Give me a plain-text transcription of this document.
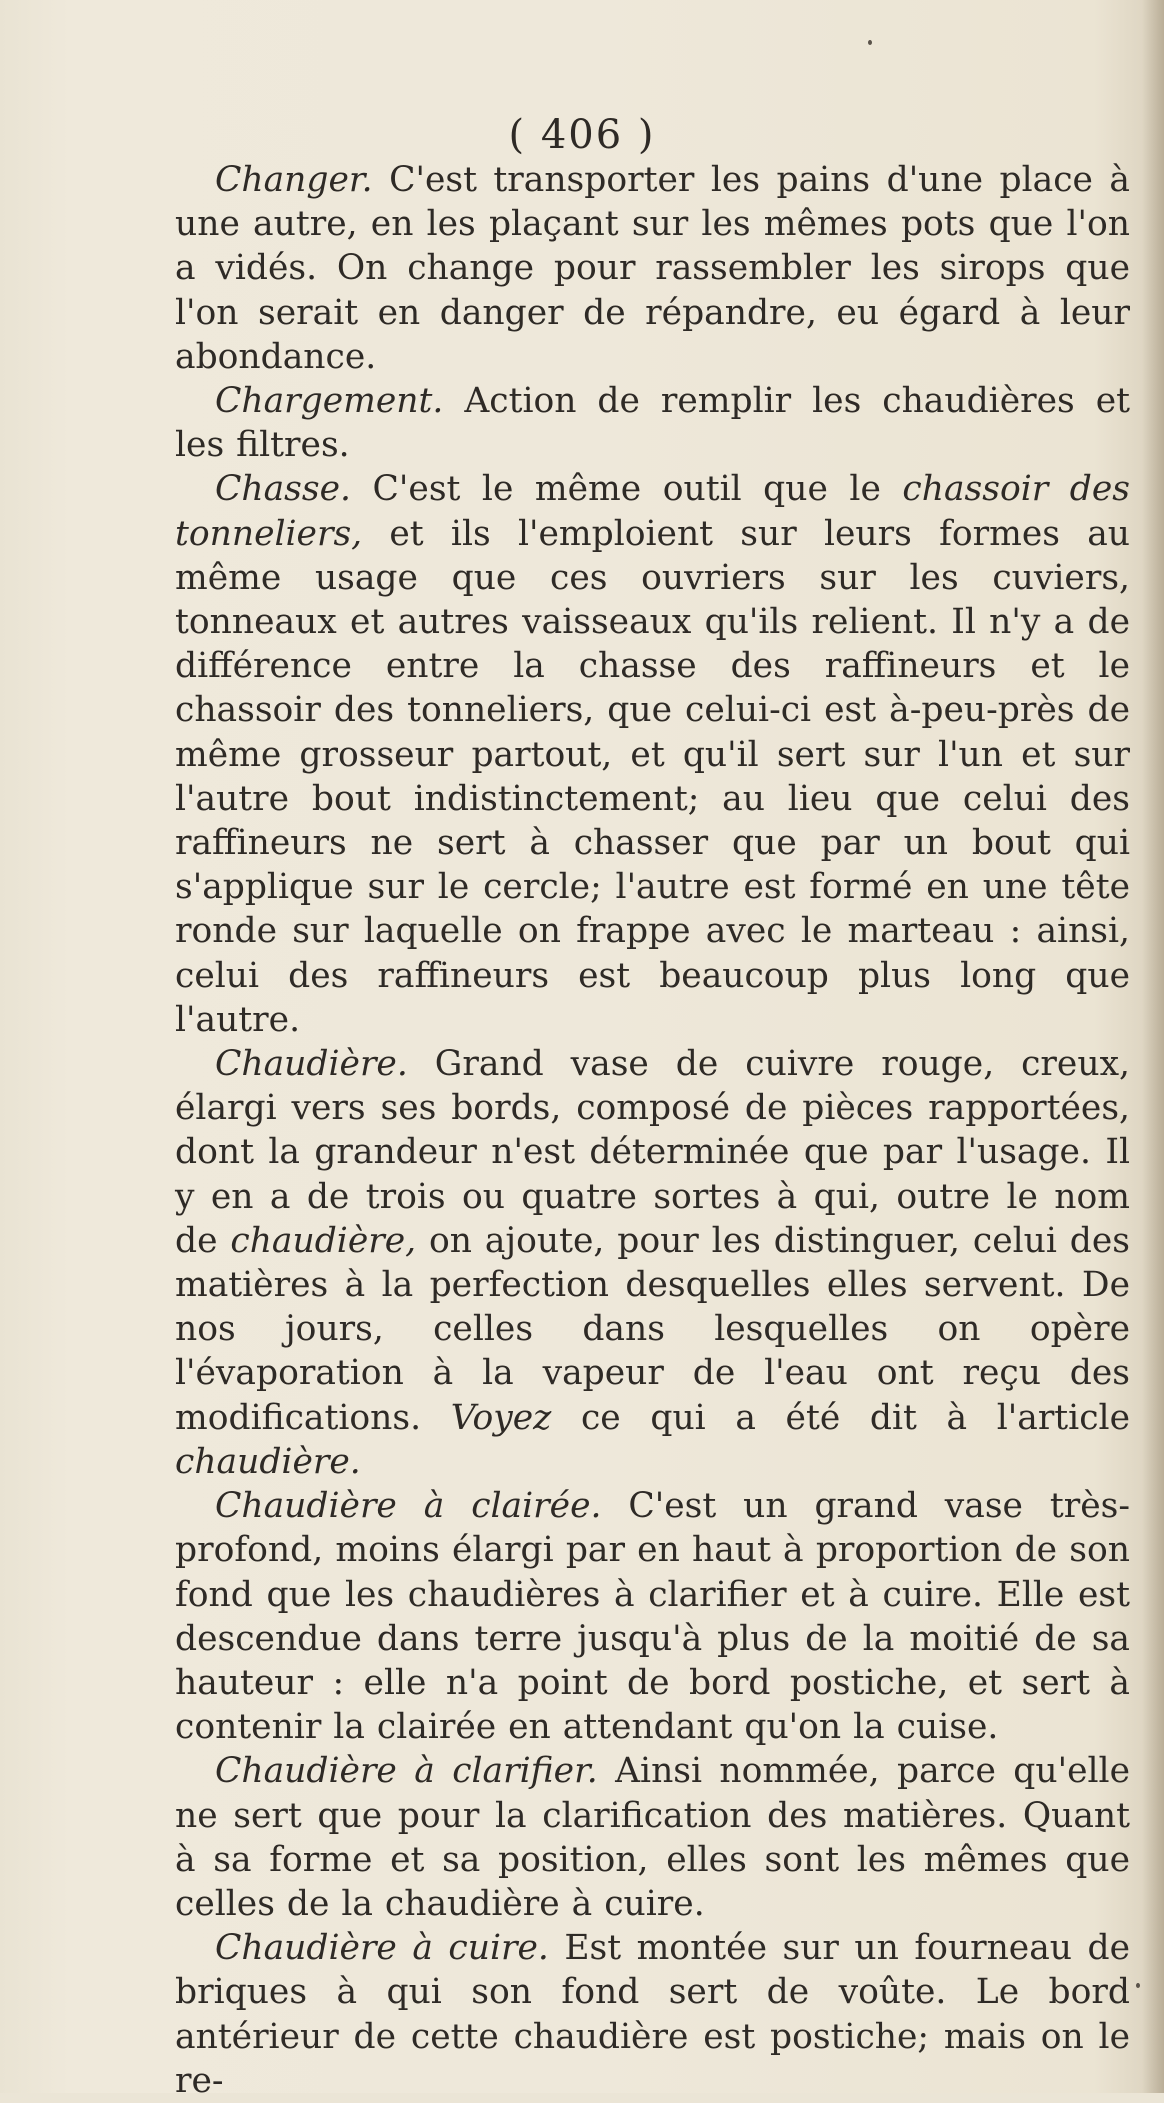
( 406 )

Changer. C'est transporter les pains d'une place à une autre, en les plaçant sur les mêmes pots que l'on a vidés. On change pour rassembler les sirops que l'on serait en danger de répandre, eu égard à leur abondance.

Chargement. Action de remplir les chaudières et les filtres.

Chasse. C'est le même outil que le chassoir des tonneliers, et ils l'emploient sur leurs formes au même usage que ces ouvriers sur les cuviers, tonneaux et autres vaisseaux qu'ils relient. Il n'y a de différence entre la chasse des raffineurs et le chassoir des tonneliers, que celui-ci est à-peu-près de même grosseur partout, et qu'il sert sur l'un et sur l'autre bout indistinctement; au lieu que celui des raffineurs ne sert à chasser que par un bout qui s'applique sur le cercle; l'autre est formé en une tête ronde sur laquelle on frappe avec le marteau : ainsi, celui des raffineurs est beaucoup plus long que l'autre.

Chaudière. Grand vase de cuivre rouge, creux, élargi vers ses bords, composé de pièces rapportées, dont la grandeur n'est déterminée que par l'usage. Il y en a de trois ou quatre sortes à qui, outre le nom de chaudière, on ajoute, pour les distinguer, celui des matières à la perfection desquelles elles servent. De nos jours, celles dans lesquelles on opère l'évaporation à la vapeur de l'eau ont reçu des modifications. Voyez ce qui a été dit à l'article chaudière.

Chaudière à clairée. C'est un grand vase très-profond, moins élargi par en haut à proportion de son fond que les chaudières à clarifier et à cuire. Elle est descendue dans terre jusqu'à plus de la moitié de sa hauteur : elle n'a point de bord postiche, et sert à contenir la clairée en attendant qu'on la cuise.

Chaudière à clarifier. Ainsi nommée, parce qu'elle ne sert que pour la clarification des matières. Quant à sa forme et sa position, elles sont les mêmes que celles de la chaudière à cuire.

Chaudière à cuire. Est montée sur un fourneau de briques à qui son fond sert de voûte. Le bord antérieur de cette chaudière est postiche; mais on le re-
